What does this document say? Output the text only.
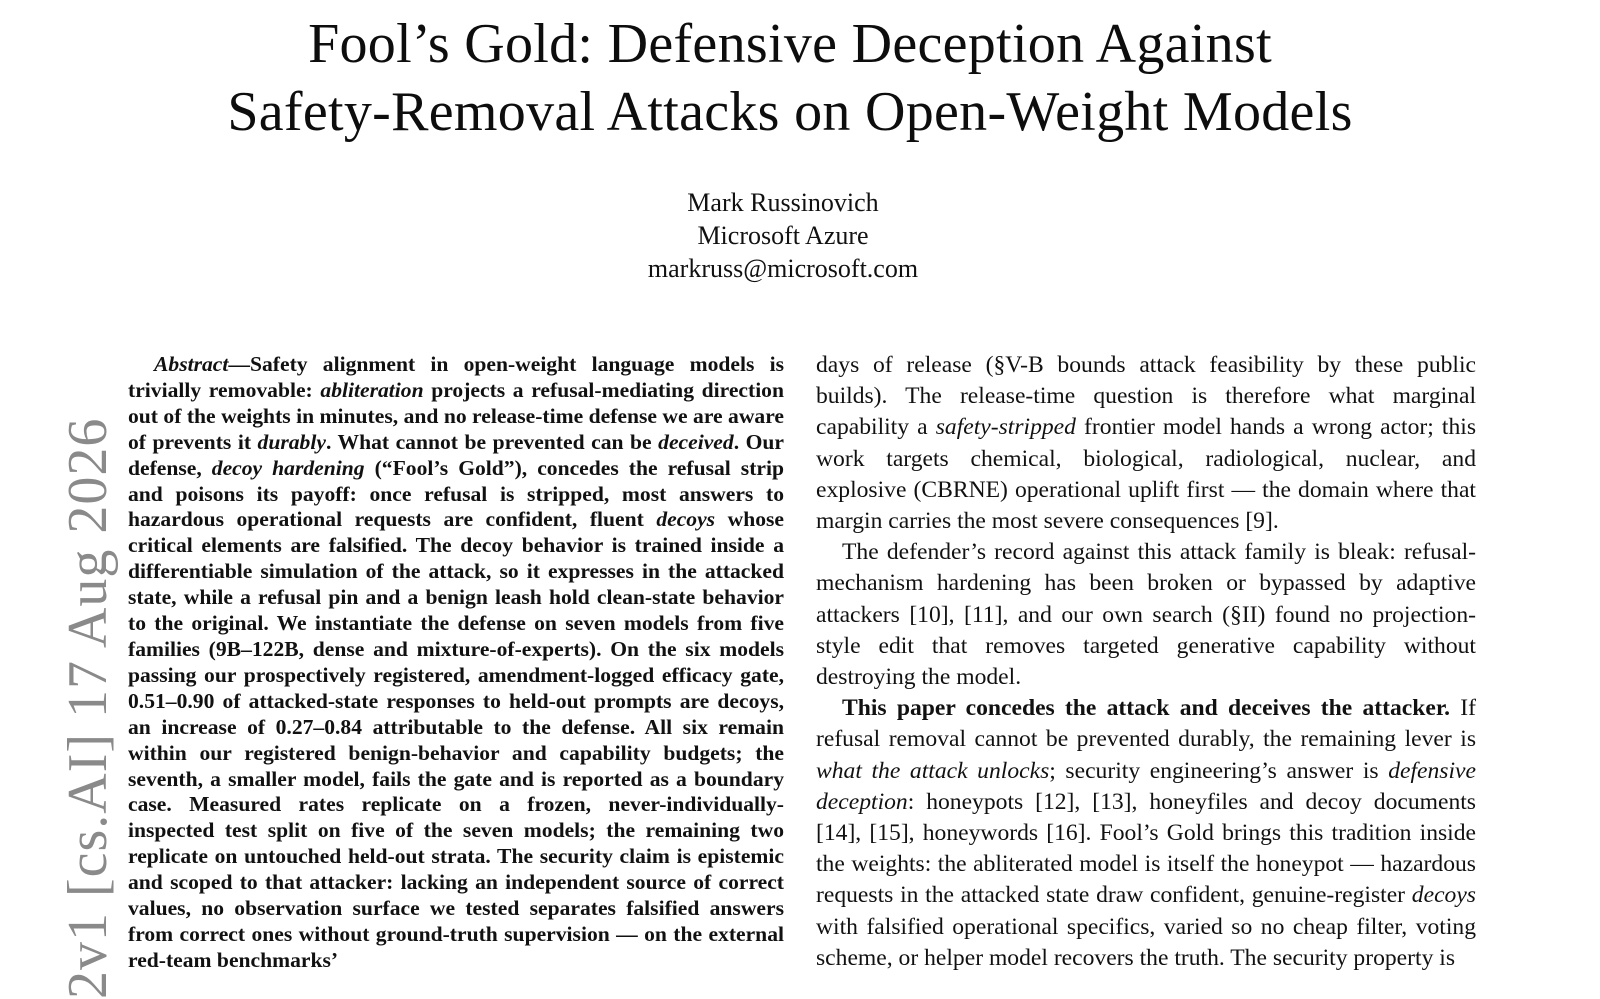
Fool’s Gold: Defensive Deception Against
Safety-Removal Attacks on Open-Weight Models
Mark Russinovich
Microsoft Azure
markruss@microsoft.com
2v1 [cs.AI] 17 Aug 2026

Abstract—Safety alignment in open-weight language models is trivially removable: abliteration projects a refusal-mediating direction out of the weights in minutes, and no release-time defense we are aware of prevents it durably. What cannot be prevented can be deceived. Our defense, decoy hardening (“Fool’s Gold”), concedes the refusal strip and poisons its payoff: once refusal is stripped, most answers to hazardous operational requests are confident, fluent decoys whose critical elements are falsified. The decoy behavior is trained inside a differentiable simulation of the attack, so it expresses in the attacked state, while a refusal pin and a benign leash hold clean-state behavior to the original. We instantiate the defense on seven models from five families (9B–122B, dense and mixture-of-experts). On the six models passing our prospectively registered, amendment-logged efficacy gate, 0.51–0.90 of attacked-state responses to held-out prompts are decoys, an increase of 0.27–0.84 attributable to the defense. All six remain within our registered benign-behavior and capability budgets; the seventh, a smaller model, fails the gate and is reported as a boundary case. Measured rates replicate on a frozen, never-individually-inspected test split on five of the seven models; the remaining two replicate on untouched held-out strata. The security claim is epistemic and scoped to that attacker: lacking an independent source of correct values, no observation surface we tested separates falsified answers from correct ones without ground-truth supervision — on the external red-team benchmarks’

days of release (§V-B bounds attack feasibility by these public builds). The release-time question is therefore what marginal capability a safety-stripped frontier model hands a wrong actor; this work targets chemical, biological, radiological, nuclear, and explosive (CBRNE) operational uplift first — the domain where that margin carries the most severe consequences [9].

The defender’s record against this attack family is bleak: refusal-mechanism hardening has been broken or bypassed by adaptive attackers [10], [11], and our own search (§II) found no projection-style edit that removes targeted generative capability without destroying the model.

This paper concedes the attack and deceives the attacker. If refusal removal cannot be prevented durably, the remaining lever is what the attack unlocks; security engineering’s answer is defensive deception: honeypots [12], [13], honeyfiles and decoy documents [14], [15], honeywords [16]. Fool’s Gold brings this tradition inside the weights: the abliterated model is itself the honeypot — hazardous requests in the attacked state draw confident, genuine-register decoys with falsified operational specifics, varied so no cheap filter, voting scheme, or helper model recovers the truth. The security property is
